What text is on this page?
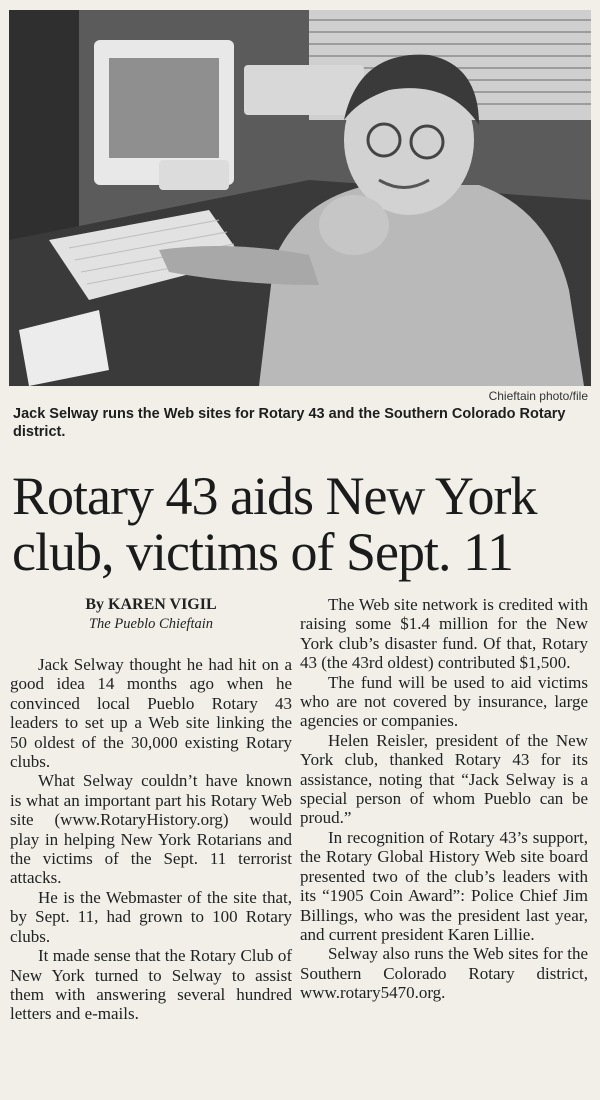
Chieftain photo/file
Jack Selway runs the Web sites for Rotary 43 and the Southern Colorado Rotary district.
Rotary 43 aids New York
club, victims of Sept. 11
By KAREN VIGIL
The Pueblo Chieftain

Jack Selway thought he had hit on a good idea 14 months ago when he convinced local Pueblo Rotary 43 leaders to set up a Web site linking the 50 oldest of the 30,000 existing Rotary clubs.

What Selway couldn’t have known is what an important part his Rotary Web site (www.RotaryHistory.org) would play in helping New York Rotarians and the victims of the Sept. 11 terrorist attacks.

He is the Webmaster of the site that, by Sept. 11, had grown to 100 Rotary clubs.

It made sense that the Rotary Club of New York turned to Selway to assist them with answering several hundred letters and e-mails.

The Web site network is credited with raising some $1.4 million for the New York club’s disaster fund. Of that, Rotary 43 (the 43rd oldest) contributed $1,500.

The fund will be used to aid victims who are not covered by insurance, large agencies or companies.

Helen Reisler, president of the New York club, thanked Rotary 43 for its assistance, noting that “Jack Selway is a special person of whom Pueblo can be proud.”

In recognition of Rotary 43’s support, the Rotary Global History Web site board presented two of the club’s leaders with its “1905 Coin Award”: Police Chief Jim Billings, who was the president last year, and current president Karen Lillie.

Selway also runs the Web sites for the Southern Colorado Rotary district, www.rotary5470.org.
